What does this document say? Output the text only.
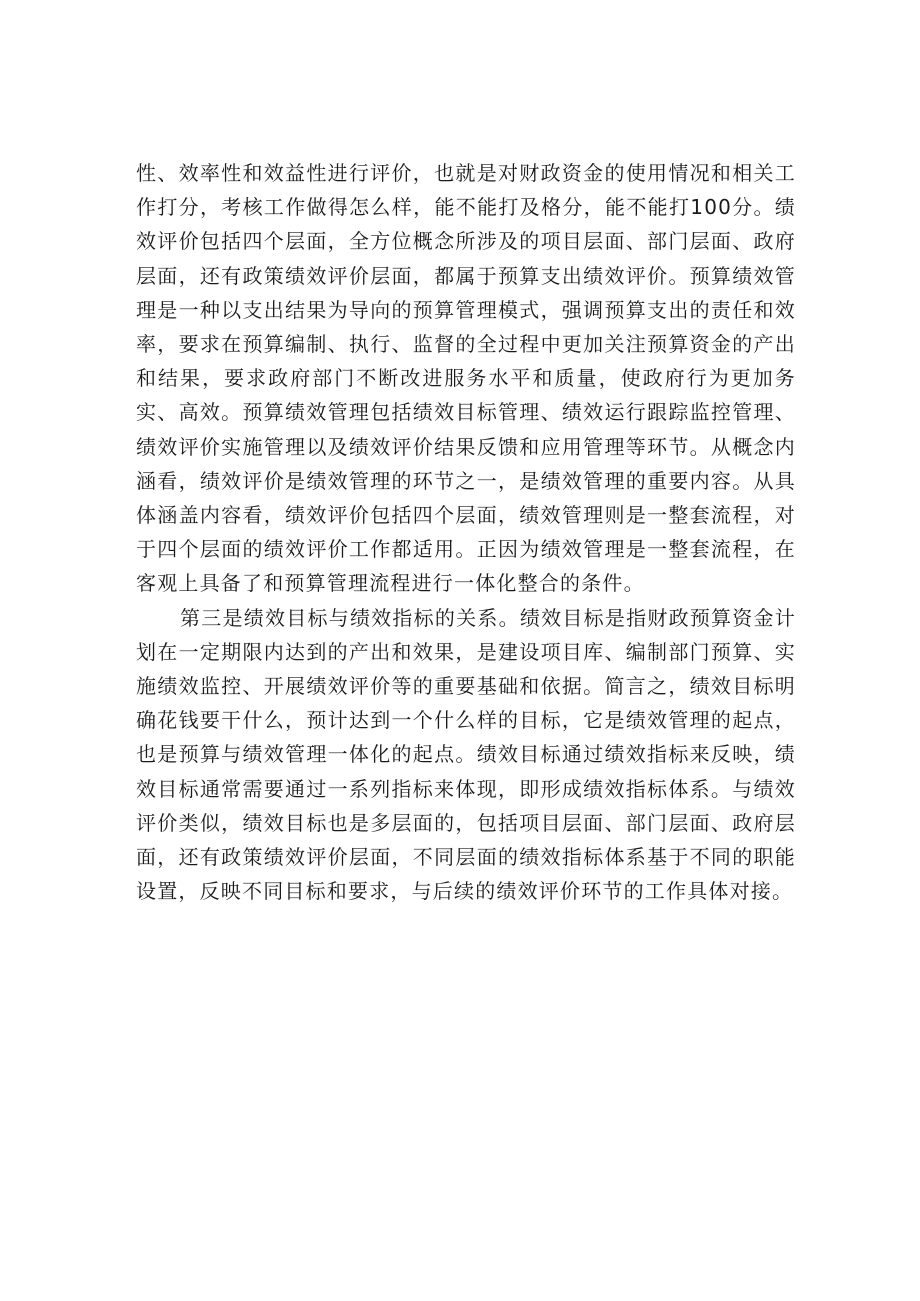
性、效率性和效益性进行评价，也就是对财政资金的使用情况和相关工作打分，考核工作做得怎么样，能不能打及格分，能不能打100分。绩效评价包括四个层面，全方位概念所涉及的项目层面、部门层面、政府层面，还有政策绩效评价层面，都属于预算支出绩效评价。预算绩效管理是一种以支出结果为导向的预算管理模式，强调预算支出的责任和效率，要求在预算编制、执行、监督的全过程中更加关注预算资金的产出和结果，要求政府部门不断改进服务水平和质量，使政府行为更加务实、高效。预算绩效管理包括绩效目标管理、绩效运行跟踪监控管理、绩效评价实施管理以及绩效评价结果反馈和应用管理等环节。从概念内涵看，绩效评价是绩效管理的环节之一，是绩效管理的重要内容。从具体涵盖内容看，绩效评价包括四个层面，绩效管理则是一整套流程，对于四个层面的绩效评价工作都适用。正因为绩效管理是一整套流程，在客观上具备了和预算管理流程进行一体化整合的条件。

第三是绩效目标与绩效指标的关系。绩效目标是指财政预算资金计划在一定期限内达到的产出和效果，是建设项目库、编制部门预算、实施绩效监控、开展绩效评价等的重要基础和依据。简言之，绩效目标明确花钱要干什么，预计达到一个什么样的目标，它是绩效管理的起点，也是预算与绩效管理一体化的起点。绩效目标通过绩效指标来反映，绩效目标通常需要通过一系列指标来体现，即形成绩效指标体系。与绩效评价类似，绩效目标也是多层面的，包括项目层面、部门层面、政府层面，还有政策绩效评价层面，不同层面的绩效指标体系基于不同的职能设置，反映不同目标和要求，与后续的绩效评价环节的工作具体对接。
